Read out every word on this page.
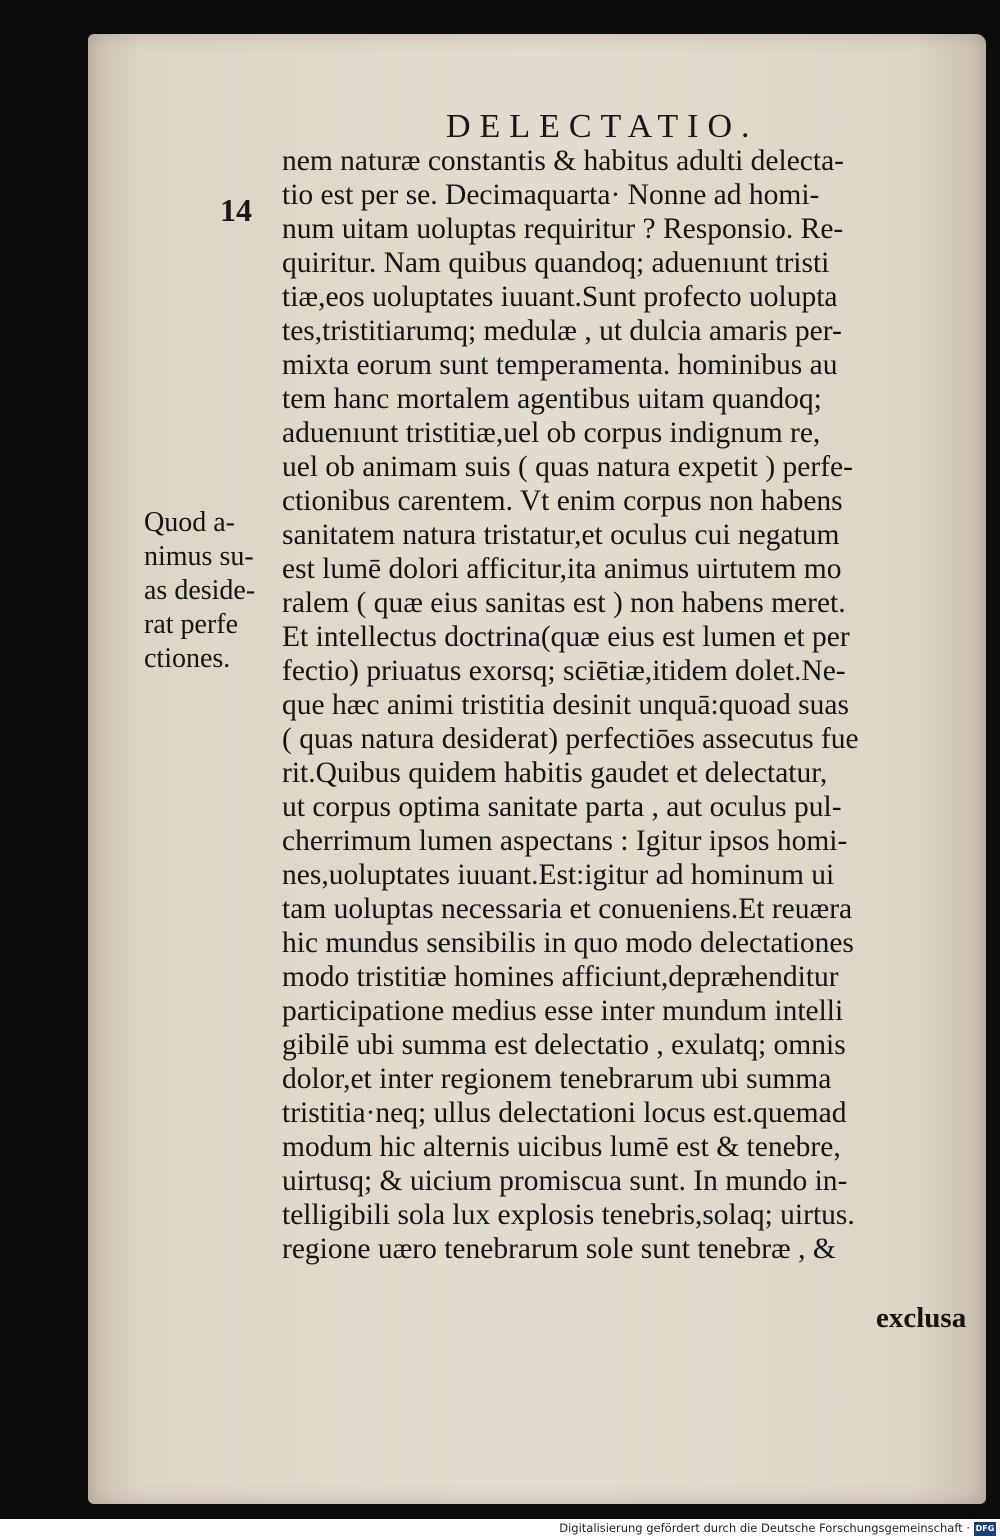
DELECTATIO.
14
nem naturæ constantis & habitus adulti delecta-
tio est per se. Decimaquarta· Nonne ad homi-
num uitam uoluptas requiritur ? Responsio. Re-
quiritur. Nam quibus quandoq; aduenıunt tristi
tiæ,eos uoluptates iuuant.Sunt profecto uolupta
tes,tristitiarumq; medulæ , ut dulcia amaris per-
mixta eorum sunt temperamenta. hominibus au
tem hanc mortalem agentibus uitam quandoq;
aduenıunt tristitiæ,uel ob corpus indignum re,
uel ob animam suis ( quas natura expetit ) perfe-
ctionibus carentem. Vt enim corpus non habens
sanitatem natura tristatur,et oculus cui negatum
est lumē dolori afficitur,ita animus uirtutem mo
ralem ( quæ eius sanitas est ) non habens meret.
Et intellectus doctrina(quæ eius est lumen et per
fectio) priuatus exorsq; sciētiæ,itidem dolet.Ne-
que hæc animi tristitia desinit unquā:quoad suas
( quas natura desiderat) perfectiōes assecutus fue
rit.Quibus quidem habitis gaudet et delectatur,
ut corpus optima sanitate parta , aut oculus pul-
cherrimum lumen aspectans : Igitur ipsos homi-
nes,uoluptates iuuant.Est:igitur ad hominum ui
tam uoluptas necessaria et conueniens.Et reuæra
hic mundus sensibilis in quo modo delectationes
modo tristitiæ homines afficiunt,depræhenditur
participatione medius esse inter mundum intelli
gibilē ubi summa est delectatio , exulatq; omnis
dolor,et inter regionem tenebrarum ubi summa
tristitia·neq; ullus delectationi locus est.quemad
modum hic alternis uicibus lumē est & tenebre,
uirtusq; & uicium promiscua sunt. In mundo in-
telligibili sola lux explosis tenebris,solaq; uirtus.
regione uæro tenebrarum sole sunt tenebræ , &
Quod a-
nimus su-
as deside-
rat perfe
ctiones.
exclusa
Digitalisierung gefördert durch die Deutsche Forschungsgemeinschaft · DFG
